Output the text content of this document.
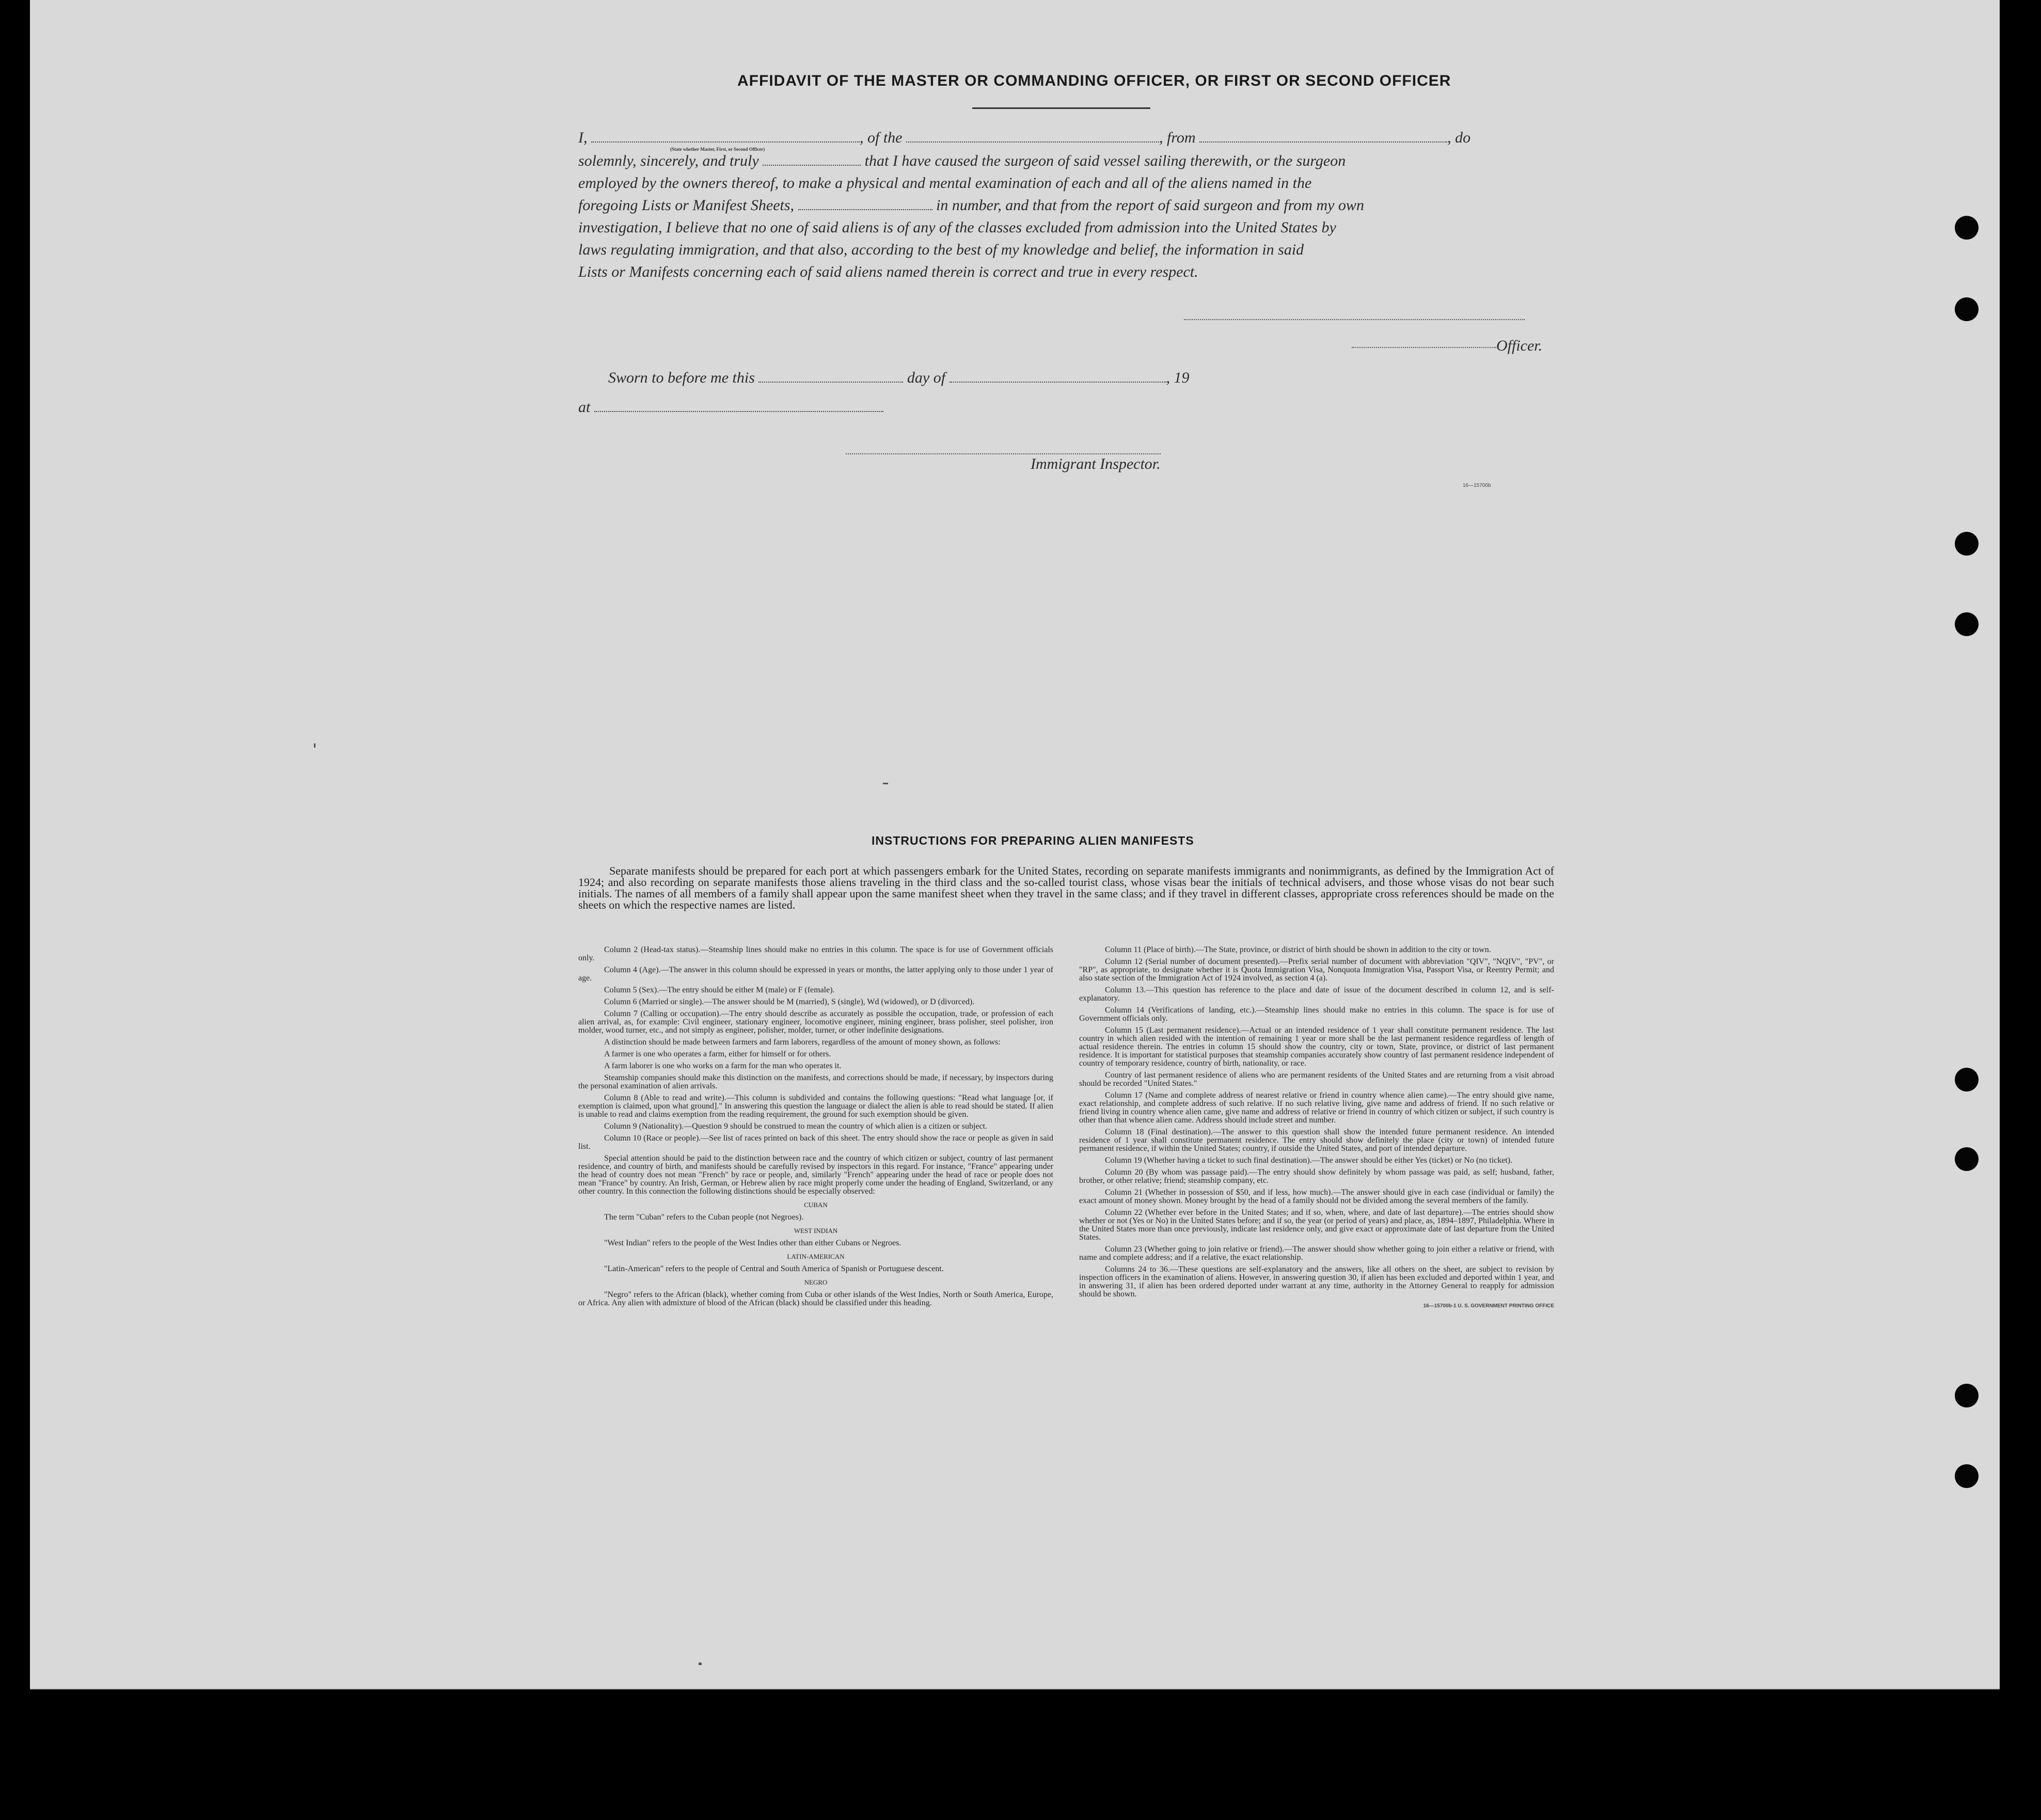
AFFIDAVIT OF THE MASTER OR COMMANDING OFFICER, OR FIRST OR SECOND OFFICER
I,	, of the	, from	, do
(State whether Master, First, or Second Officer)
solemnly, sincerely, and truly	that I have caused the surgeon of said vessel sailing therewith, or the surgeon
employed by the owners thereof, to make a physical and mental examination of each and all of the aliens named in the
foregoing Lists or Manifest Sheets,	in number, and that from the report of said surgeon and from my own
investigation, I believe that no one of said aliens is of any of the classes excluded from admission into the United States by
laws regulating immigration, and that also, according to the best of my knowledge and belief, the information in said
Lists or Manifests concerning each of said aliens named therein is correct and true in every respect.
Officer.
Sworn to before me this	day of	, 19
at
Immigrant Inspector.
16—15700b
INSTRUCTIONS FOR PREPARING ALIEN MANIFESTS
Separate manifests should be prepared for each port at which passengers embark for the United States, recording on separate manifests immigrants and nonimmigrants, as defined by the Immigration Act of 1924; and also recording on separate manifests those aliens traveling in the third class and the so-called tourist class, whose visas bear the initials of technical advisers, and those whose visas do not bear such initials. The names of all members of a family shall appear upon the same manifest sheet when they travel in the same class; and if they travel in different classes, appropriate cross references should be made on the sheets on which the respective names are listed.

Column 2 (Head-tax status).—Steamship lines should make no entries in this column. The space is for use of Government officials only.

Column 4 (Age).—The answer in this column should be expressed in years or months, the latter applying only to those under 1 year of age.

Column 5 (Sex).—The entry should be either M (male) or F (female).

Column 6 (Married or single).—The answer should be M (married), S (single), Wd (widowed), or D (divorced).

Column 7 (Calling or occupation).—The entry should describe as accurately as possible the occupation, trade, or profession of each alien arrival, as, for example: Civil engineer, stationary engineer, locomotive engineer, mining engineer, brass polisher, steel polisher, iron molder, wood turner, etc., and not simply as engineer, polisher, molder, turner, or other indefinite designations.

A distinction should be made between farmers and farm laborers, regardless of the amount of money shown, as follows:

A farmer is one who operates a farm, either for himself or for others.

A farm laborer is one who works on a farm for the man who operates it.

Steamship companies should make this distinction on the manifests, and corrections should be made, if necessary, by inspectors during the personal examination of alien arrivals.

Column 8 (Able to read and write).—This column is subdivided and contains the following questions: "Read what language [or, if exemption is claimed, upon what ground]." In answering this question the language or dialect the alien is able to read should be stated. If alien is unable to read and claims exemption from the reading requirement, the ground for such exemption should be given.

Column 9 (Nationality).—Question 9 should be construed to mean the country of which alien is a citizen or subject.

Column 10 (Race or people).—See list of races printed on back of this sheet. The entry should show the race or people as given in said list.

Special attention should be paid to the distinction between race and the country of which citizen or subject, country of last permanent residence, and country of birth, and manifests should be carefully revised by inspectors in this regard. For instance, "France" appearing under the head of country does not mean "French" by race or people, and, similarly "French" appearing under the head of race or people does not mean "France" by country. An Irish, German, or Hebrew alien by race might properly come under the heading of England, Switzerland, or any other country. In this connection the following distinctions should be especially observed:

CUBAN

The term "Cuban" refers to the Cuban people (not Negroes).

WEST INDIAN

"West Indian" refers to the people of the West Indies other than either Cubans or Negroes.

LATIN-AMERICAN

"Latin-American" refers to the people of Central and South America of Spanish or Portuguese descent.

NEGRO

"Negro" refers to the African (black), whether coming from Cuba or other islands of the West Indies, North or South America, Europe, or Africa. Any alien with admixture of blood of the African (black) should be classified under this heading.

Column 11 (Place of birth).—The State, province, or district of birth should be shown in addition to the city or town.

Column 12 (Serial number of document presented).—Prefix serial number of document with abbreviation "QIV", "NQIV", "PV", or "RP", as appropriate, to designate whether it is Quota Immigration Visa, Nonquota Immigration Visa, Passport Visa, or Reentry Permit; and also state section of the Immigration Act of 1924 involved, as section 4 (a).

Column 13.—This question has reference to the place and date of issue of the document described in column 12, and is self-explanatory.

Column 14 (Verifications of landing, etc.).—Steamship lines should make no entries in this column. The space is for use of Government officials only.

Column 15 (Last permanent residence).—Actual or an intended residence of 1 year shall constitute permanent residence. The last country in which alien resided with the intention of remaining 1 year or more shall be the last permanent residence regardless of length of actual residence therein. The entries in column 15 should show the country, city or town, State, province, or district of last permanent residence. It is important for statistical purposes that steamship companies accurately show country of last permanent residence independent of country of temporary residence, country of birth, nationality, or race.

Country of last permanent residence of aliens who are permanent residents of the United States and are returning from a visit abroad should be recorded "United States."

Column 17 (Name and complete address of nearest relative or friend in country whence alien came).—The entry should give name, exact relationship, and complete address of such relative. If no such relative living, give name and address of friend. If no such relative or friend living in country whence alien came, give name and address of relative or friend in country of which citizen or subject, if such country is other than that whence alien came. Address should include street and number.

Column 18 (Final destination).—The answer to this question shall show the intended future permanent residence. An intended residence of 1 year shall constitute permanent residence. The entry should show definitely the place (city or town) of intended future permanent residence, if within the United States; country, if outside the United States, and port of intended departure.

Column 19 (Whether having a ticket to such final destination).—The answer should be either Yes (ticket) or No (no ticket).

Column 20 (By whom was passage paid).—The entry should show definitely by whom passage was paid, as self; husband, father, brother, or other relative; friend; steamship company, etc.

Column 21 (Whether in possession of $50, and if less, how much).—The answer should give in each case (individual or family) the exact amount of money shown. Money brought by the head of a family should not be divided among the several members of the family.

Column 22 (Whether ever before in the United States; and if so, when, where, and date of last departure).—The entries should show whether or not (Yes or No) in the United States before; and if so, the year (or period of years) and place, as, 1894–1897, Philadelphia. Where in the United States more than once previously, indicate last residence only, and give exact or approximate date of last departure from the United States.

Column 23 (Whether going to join relative or friend).—The answer should show whether going to join either a relative or friend, with name and complete address; and if a relative, the exact relationship.

Columns 24 to 36.—These questions are self-explanatory and the answers, like all others on the sheet, are subject to revision by inspection officers in the examination of aliens. However, in answering question 30, if alien has been excluded and deported within 1 year, and in answering 31, if alien has been ordered deported under warrant at any time, authority in the Attorney General to reapply for admission should be shown.

16—15700b-1 U. S. GOVERNMENT PRINTING OFFICE
